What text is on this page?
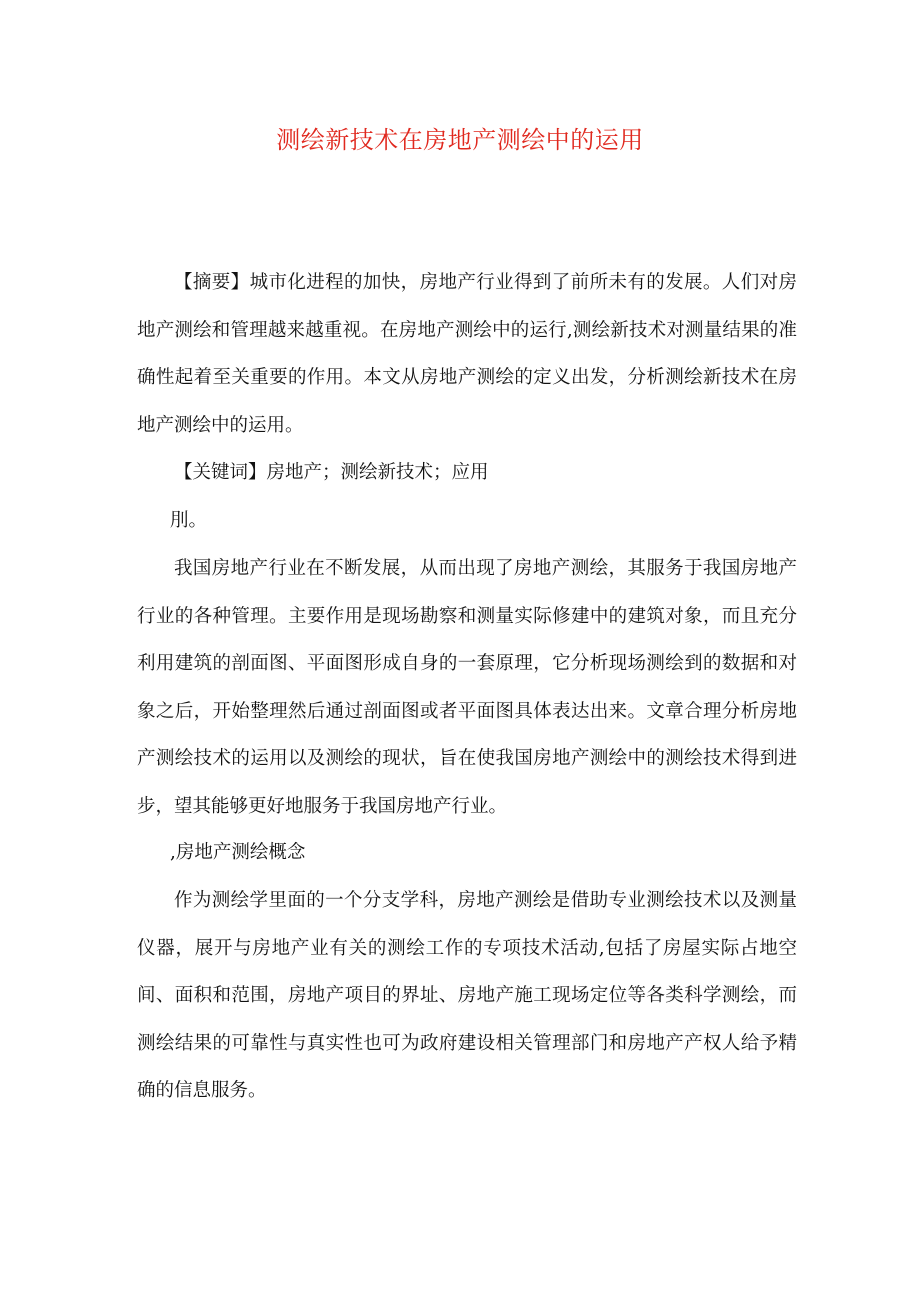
测绘新技术在房地产测绘中的运用

【摘要】城市化进程的加快，房地产行业得到了前所未有的发展。人们对房地产测绘和管理越来越重视。在房地产测绘中的运行,测绘新技术对测量结果的准确性起着至关重要的作用。本文从房地产测绘的定义出发，分析测绘新技术在房地产测绘中的运用。

【关键词】房地产；测绘新技术；应用

刖。

我国房地产行业在不断发展，从而出现了房地产测绘，其服务于我国房地产行业的各种管理。主要作用是现场勘察和测量实际修建中的建筑对象，而且充分利用建筑的剖面图、平面图形成自身的一套原理，它分析现场测绘到的数据和对象之后，开始整理然后通过剖面图或者平面图具体表达出来。文章合理分析房地产测绘技术的运用以及测绘的现状，旨在使我国房地产测绘中的测绘技术得到进步，望其能够更好地服务于我国房地产行业。

,房地产测绘概念

作为测绘学里面的一个分支学科，房地产测绘是借助专业测绘技术以及测量仪器，展开与房地产业有关的测绘工作的专项技术活动,包括了房屋实际占地空间、面积和范围，房地产项目的界址、房地产施工现场定位等各类科学测绘，而测绘结果的可靠性与真实性也可为政府建设相关管理部门和房地产产权人给予精确的信息服务。
